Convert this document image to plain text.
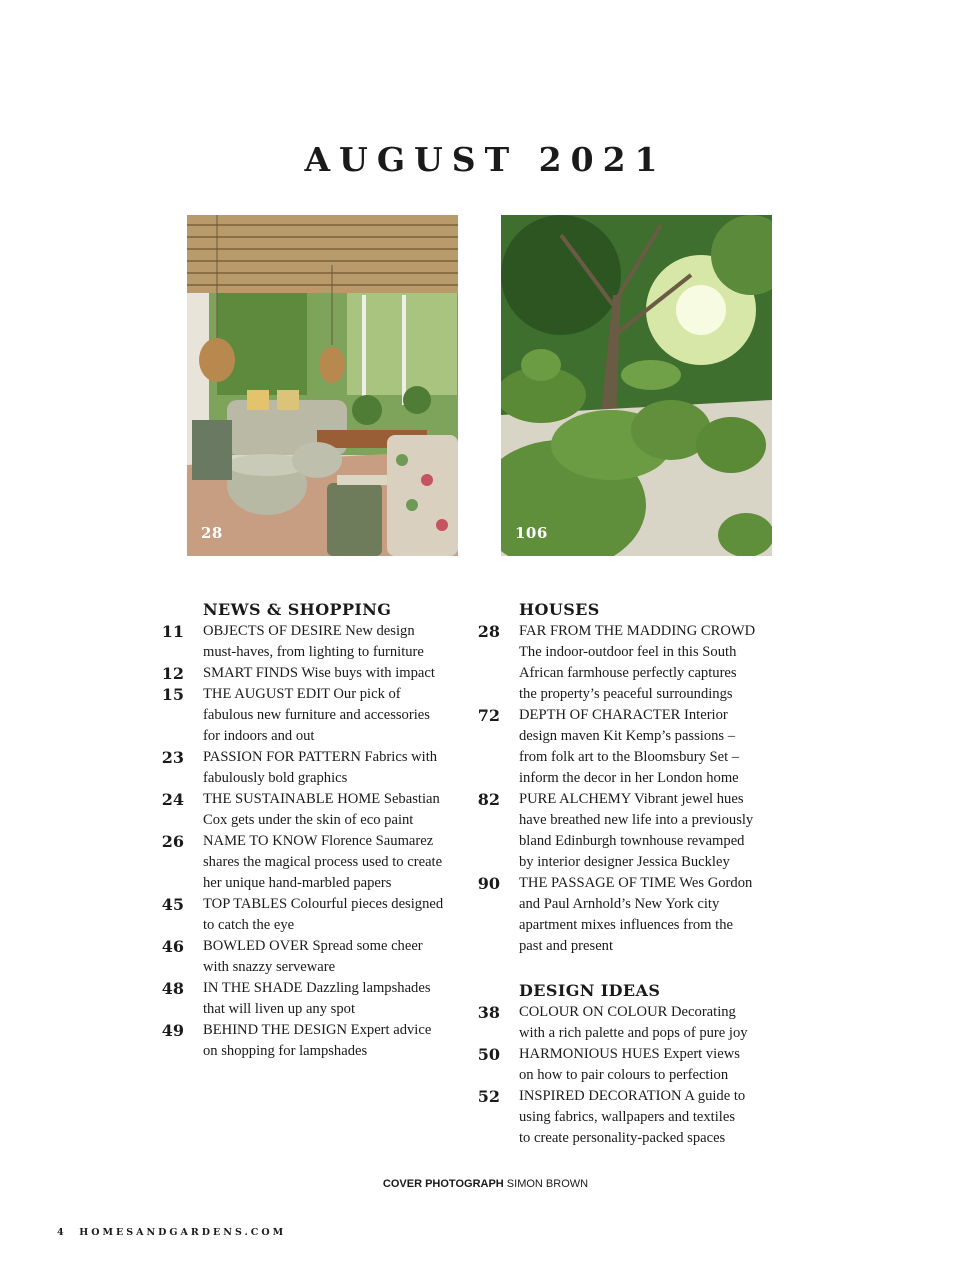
AUGUST 2021
28	106
NEWS & SHOPPING
11 OBJECTS OF DESIRE New design
must-haves, from lighting to furniture
12 SMART FINDS Wise buys with impact
15 THE AUGUST EDIT Our pick of
fabulous new furniture and accessories
for indoors and out
23 PASSION FOR PATTERN Fabrics with
fabulously bold graphics
24 THE SUSTAINABLE HOME Sebastian
Cox gets under the skin of eco paint
26 NAME TO KNOW Florence Saumarez
shares the magical process used to create
her unique hand-marbled papers
45 TOP TABLES Colourful pieces designed
to catch the eye
46 BOWLED OVER Spread some cheer
with snazzy serveware
48 IN THE SHADE Dazzling lampshades
that will liven up any spot
49 BEHIND THE DESIGN Expert advice
on shopping for lampshades
HOUSES
28 FAR FROM THE MADDING CROWD
The indoor-outdoor feel in this South
African farmhouse perfectly captures
the property’s peaceful surroundings
72 DEPTH OF CHARACTER Interior
design maven Kit Kemp’s passions –
from folk art to the Bloomsbury Set –
inform the decor in her London home
82 PURE ALCHEMY Vibrant jewel hues
have breathed new life into a previously
bland Edinburgh townhouse revamped
by interior designer Jessica Buckley
90 THE PASSAGE OF TIME Wes Gordon
and Paul Arnhold’s New York city
apartment mixes influences from the
past and present
DESIGN IDEAS
38 COLOUR ON COLOUR Decorating
with a rich palette and pops of pure joy
50 HARMONIOUS HUES Expert views
on how to pair colours to perfection
52 INSPIRED DECORATION A guide to
using fabrics, wallpapers and textiles
to create personality-packed spaces
COVER PHOTOGRAPH SIMON BROWN
4 HOMESANDGARDENS.COM
